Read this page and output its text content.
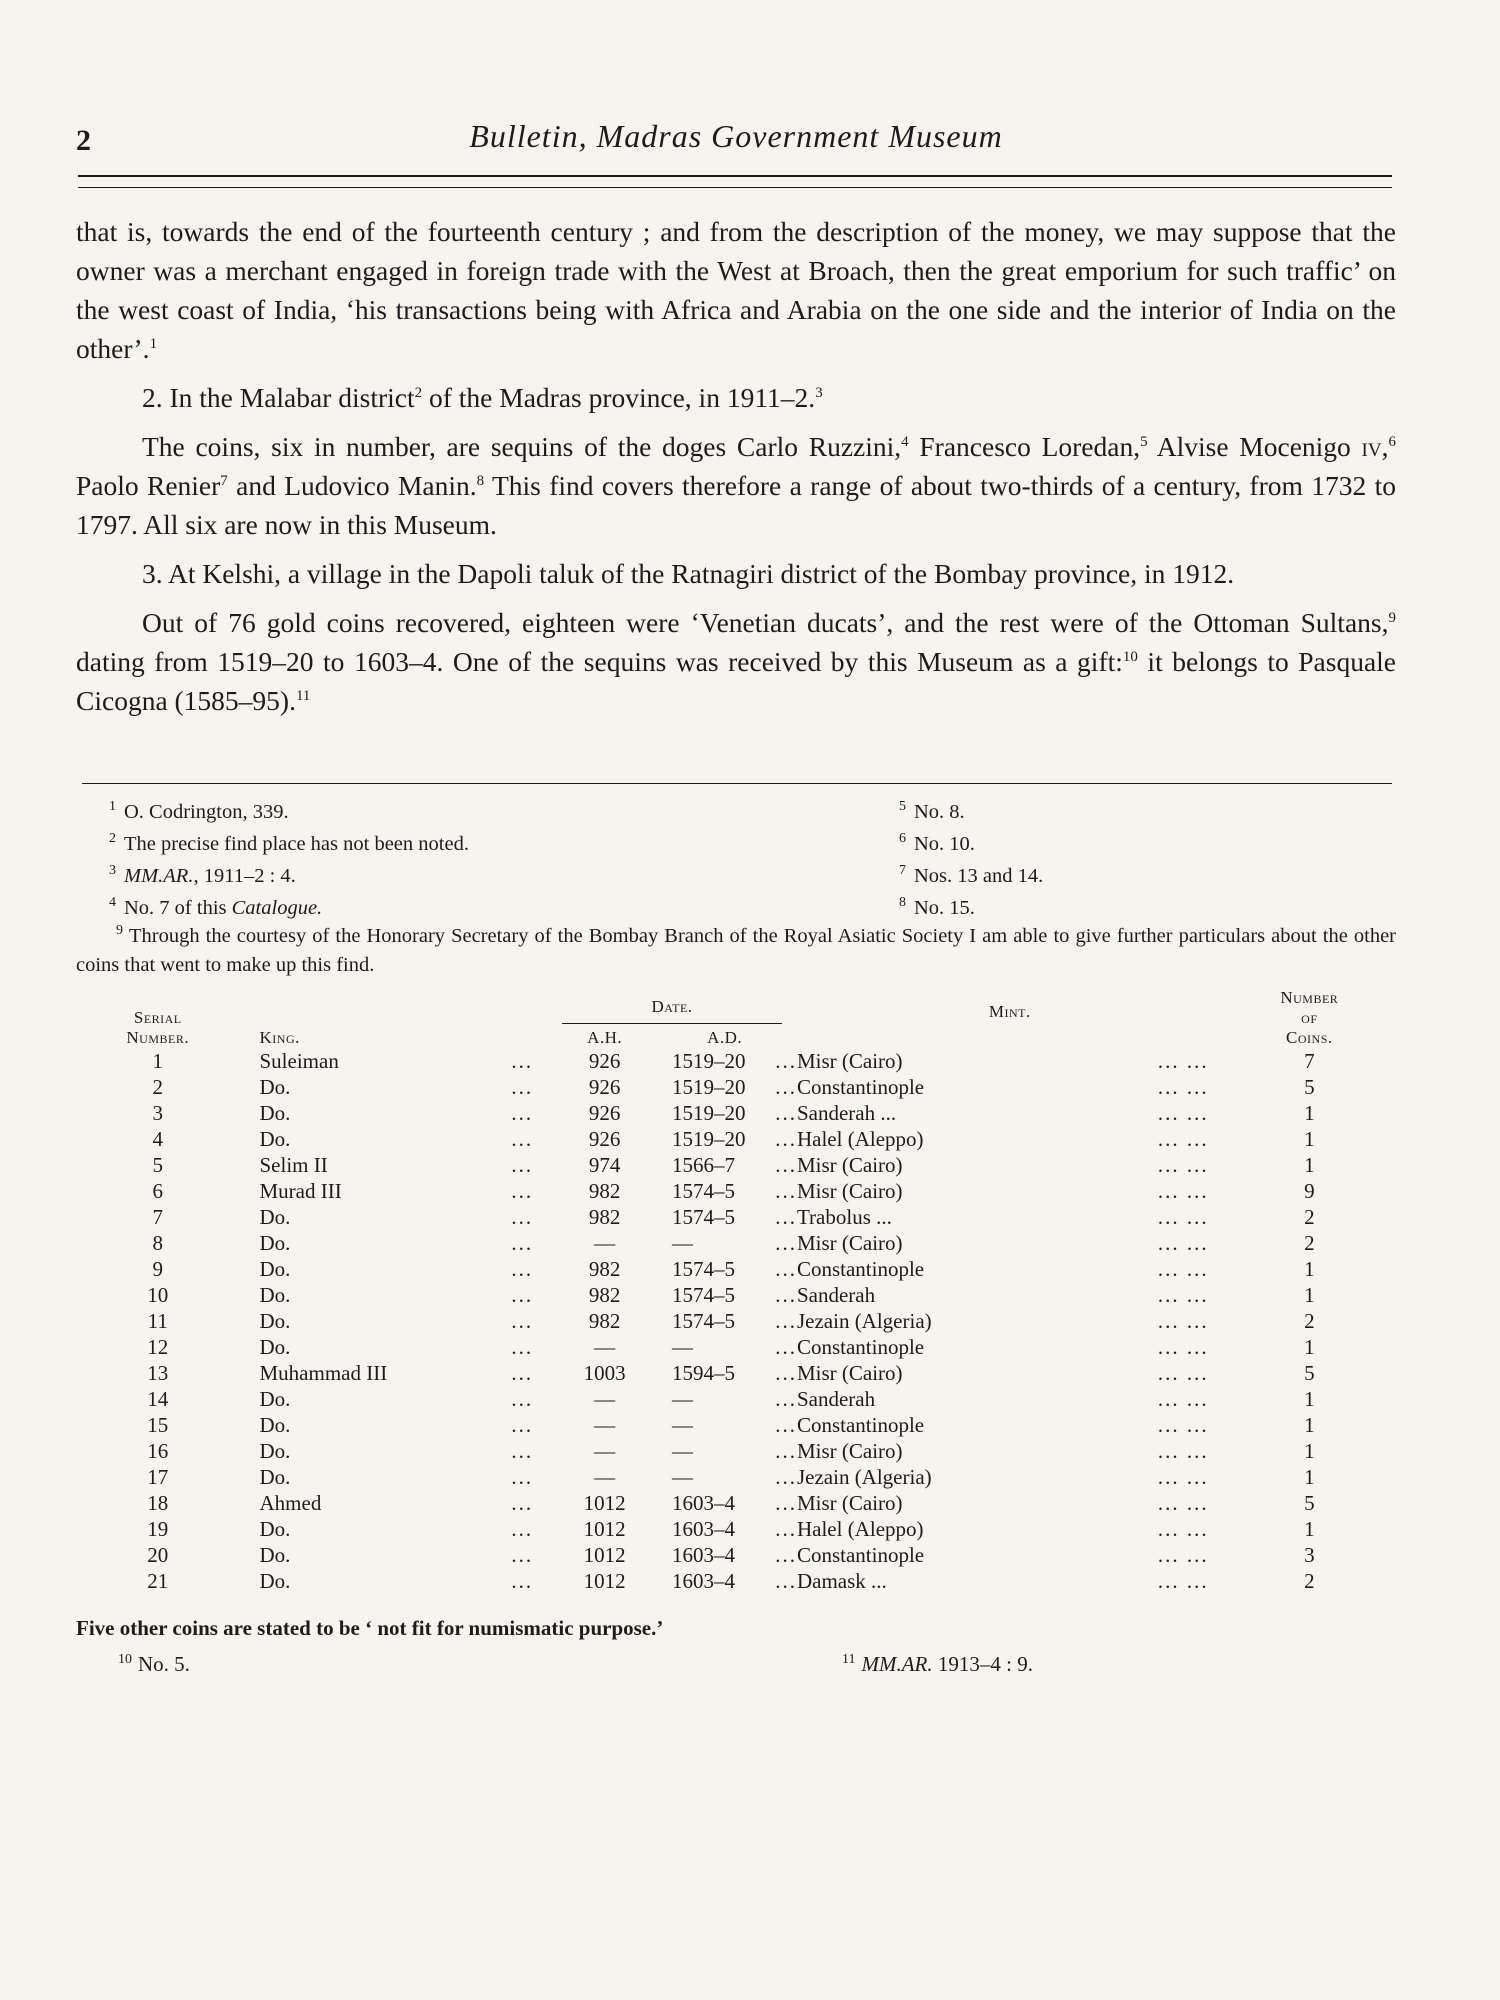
2	Bulletin, Madras Government Museum

that is, towards the end of the fourteenth century ; and from the description of the money, we may suppose that the owner was a merchant engaged in foreign trade with the West at Broach, then the great emporium for such traffic’ on the west coast of India, ‘his transactions being with Africa and Arabia on the one side and the interior of India on the other’.$^1$

2. In the Malabar district$^2$ of the Madras province, in 1911–2.$^3$

The coins, six in number, are sequins of the doges Carlo Ruzzini,$^4$ Francesco Loredan,$^5$ Alvise Mocenigo iv,$^6$ Paolo Renier$^7$ and Ludovico Manin.$^8$ This find covers therefore a range of about two-thirds of a century, from 1732 to 1797. All six are now in this Museum.

3. At Kelshi, a village in the Dapoli taluk of the Ratnagiri district of the Bombay province, in 1912.

Out of 76 gold coins recovered, eighteen were ‘Venetian ducats’, and the rest were of the Ottoman Sultans,$^9$ dating from 1519–20 to 1603–4. One of the sequins was received by this Museum as a gift:$^{10}$ it belongs to Pasquale Cicogna (1585–95).$^{11}$

1 O. Codrington, 339.	5 No. 8.
2 The precise find place has not been noted.	6 No. 10.
3 MM.AR., 1911–2 : 4.	7 Nos. 13 and 14.
4 No. 7 of this Catalogue.	8 No. 15.
$^9$ Through the courtesy of the Honorary Secretary of the Bombay Branch of the Royal Asiatic Society I am able to give further particulars about the other coins that went to make up this find.
Serial
Number.	King.	Date.
A.H. A.D.		Mint.	Number
of
Coins.
1	Suleiman ...	926	1519–20 ...	Misr (Cairo) ... ...	7
2	Do. ...	926	1519–20 ...	Constantinople ... ...	5
3	Do. ...	926	1519–20 ...	Sanderah ... ... ...	1
4	Do. ...	926	1519–20 ...	Halel (Aleppo) ... ...	1
5	Selim II ...	974	1566–7 ...	Misr (Cairo) ... ...	1
6	Murad III ...	982	1574–5 ...	Misr (Cairo) ... ...	9
7	Do. ...	982	1574–5 ...	Trabolus ... ... ...	2
8	Do. ...	—	— ...	Misr (Cairo) ... ...	2
9	Do. ...	982	1574–5 ...	Constantinople ... ...	1
10	Do. ...	982	1574–5 ...	Sanderah ... ...	1
11	Do. ...	982	1574–5 ...	Jezain (Algeria) ... ...	2
12	Do. ...	—	— ...	Constantinople ... ...	1
13	Muhammad III ...	1003	1594–5 ...	Misr (Cairo) ... ...	5
14	Do. ...	—	— ...	Sanderah ... ...	1
15	Do. ...	—	— ...	Constantinople ... ...	1
16	Do. ...	—	— ...	Misr (Cairo) ... ...	1
17	Do. ...	—	— ...	Jezain (Algeria) ... ...	1
18	Ahmed ...	1012	1603–4 ...	Misr (Cairo) ... ...	5
19	Do. ...	1012	1603–4 ...	Halel (Aleppo) ... ...	1
20	Do. ...	1012	1603–4 ...	Constantinople ... ...	3
21	Do. ...	1012	1603–4 ...	Damask ... ... ...	2
Five other coins are stated to be ‘ not fit for numismatic purpose.’
$^{10}$ No. 5.	$^{11}$ MM.AR. 1913–4 : 9.
